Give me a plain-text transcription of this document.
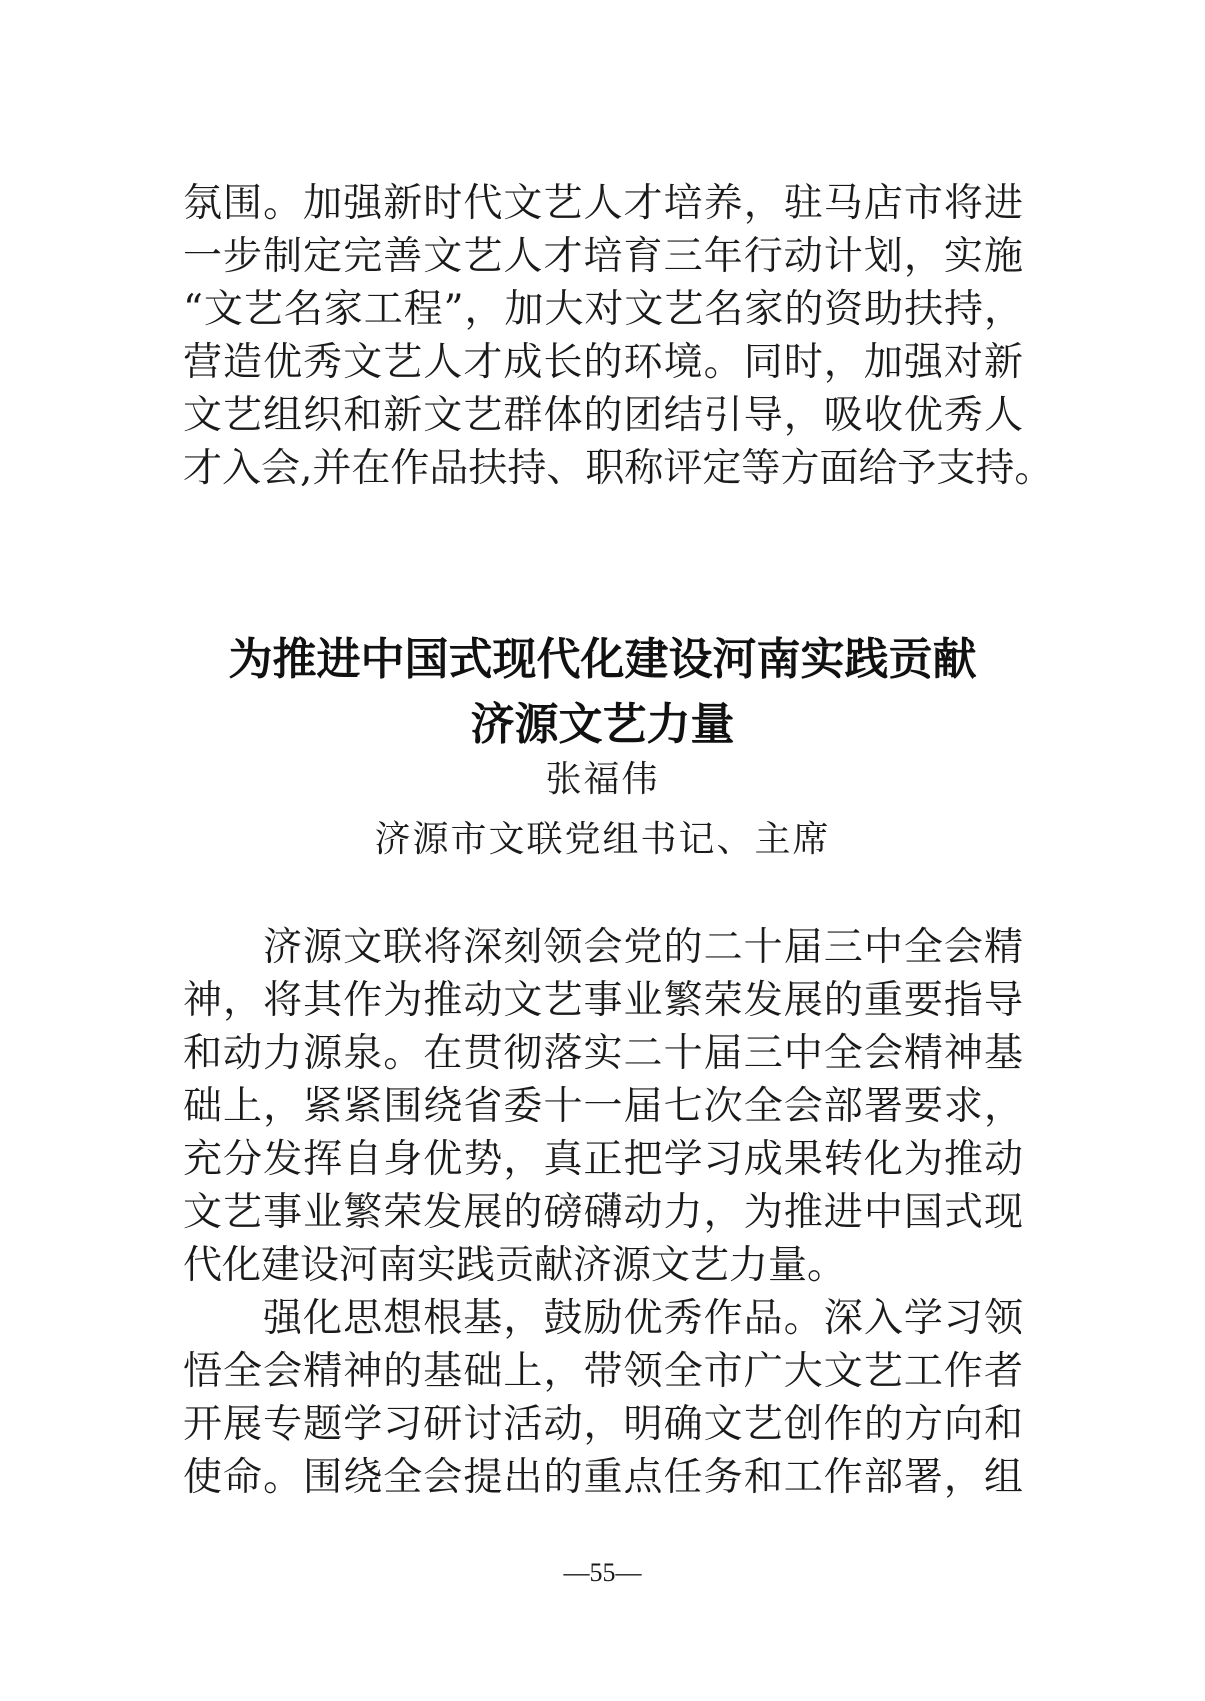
氛围。加强新时代文艺人才培养，驻马店市将进
一步制定完善文艺人才培育三年行动计划，实施
“文艺名家工程”，加大对文艺名家的资助扶持，
营造优秀文艺人才成长的环境。同时，加强对新
文艺组织和新文艺群体的团结引导，吸收优秀人
才入会,并在作品扶持、职称评定等方面给予支持。
为推进中国式现代化建设河南实践贡献
济源文艺力量
张福伟
济源市文联党组书记、主席
济源文联将深刻领会党的二十届三中全会精
神，将其作为推动文艺事业繁荣发展的重要指导
和动力源泉。在贯彻落实二十届三中全会精神基
础上，紧紧围绕省委十一届七次全会部署要求，
充分发挥自身优势，真正把学习成果转化为推动
文艺事业繁荣发展的磅礴动力，为推进中国式现
代化建设河南实践贡献济源文艺力量。
强化思想根基，鼓励优秀作品。深入学习领
悟全会精神的基础上，带领全市广大文艺工作者
开展专题学习研讨活动，明确文艺创作的方向和
使命。围绕全会提出的重点任务和工作部署，组
—55—
